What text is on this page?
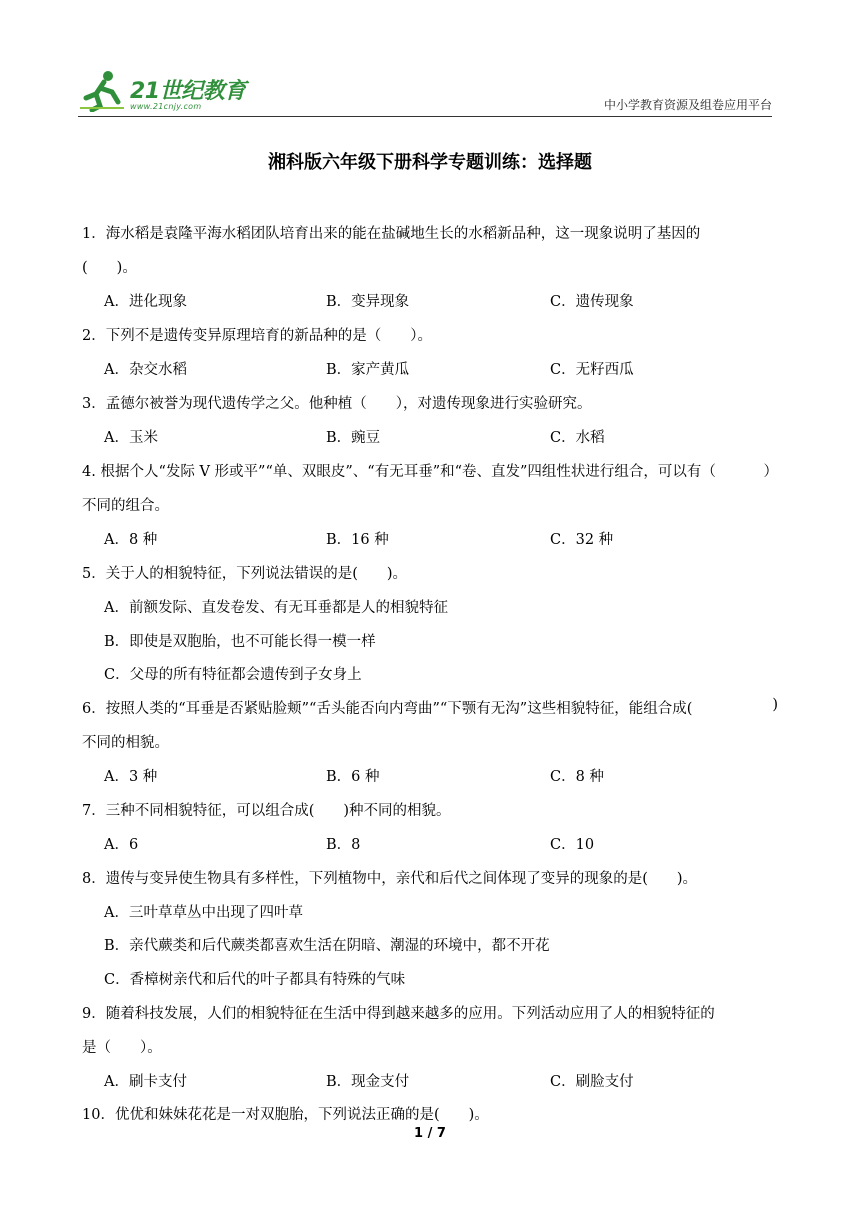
21世纪教育
www.21cnjy.com	中小学教育资源及组卷应用平台
湘科版六年级下册科学专题训练：选择题
1．海水稻是袁隆平海水稻团队培育出来的能在盐碱地生长的水稻新品种，这一现象说明了基因的
(　　)。
A．进化现象	B．变异现象	C．遗传现象
2．下列不是遗传变异原理培育的新品种的是（　　）。
A．杂交水稻	B．家产黄瓜	C．无籽西瓜
3．孟德尔被誉为现代遗传学之父。他种植（　　），对遗传现象进行实验研究。
A．玉米	B．豌豆	C．水稻
4. 根据个人“发际 V 形或平”“单、双眼皮”、“有无耳垂”和“卷、直发”四组性状进行组合，可以有（	）
不同的组合。
A．8 种	B．16 种	C．32 种
5．关于人的相貌特征，下列说法错误的是(　　)。
A．前额发际、直发卷发、有无耳垂都是人的相貌特征
B．即使是双胞胎，也不可能长得一模一样
C．父母的所有特征都会遗传到子女身上
6．按照人类的“耳垂是否紧贴脸颊”“舌头能否向内弯曲”“下颚有无沟”这些相貌特征，能组合成(	)
不同的相貌。
A．3 种	B．6 种	C．8 种
7．三种不同相貌特征，可以组合成(　　)种不同的相貌。
A．6	B．8	C．10
8．遗传与变异使生物具有多样性，下列植物中，亲代和后代之间体现了变异的现象的是(　　)。
A．三叶草草丛中出现了四叶草
B．亲代蕨类和后代蕨类都喜欢生活在阴暗、潮湿的环境中，都不开花
C．香樟树亲代和后代的叶子都具有特殊的气味
9．随着科技发展，人们的相貌特征在生活中得到越来越多的应用。下列活动应用了人的相貌特征的
是（　　）。
A．刷卡支付	B．现金支付	C．刷脸支付
10．优优和妹妹花花是一对双胞胎，下列说法正确的是(　　)。
1 / 7
